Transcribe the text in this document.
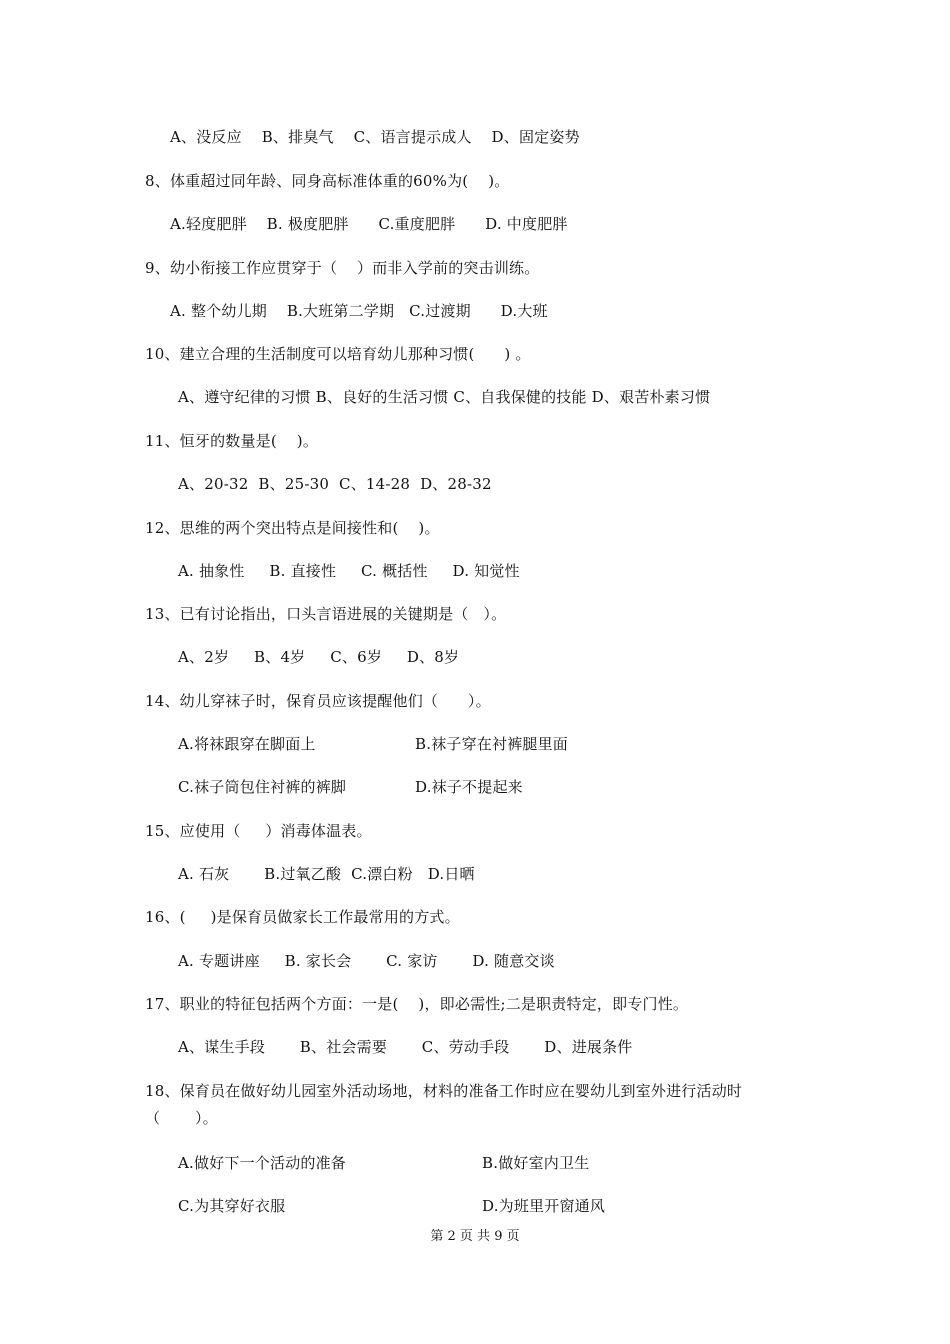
A、没反应    B、排臭气    C、语言提示成人    D、固定姿势
8、体重超过同年龄、同身高标准体重的60%为(    )。
A.轻度肥胖    B. 极度肥胖      C.重度肥胖      D. 中度肥胖
9、幼小衔接工作应贯穿于（    ）而非入学前的突击训练。
A. 整个幼儿期    B.大班第二学期   C.过渡期      D.大班
10、建立合理的生活制度可以培育幼儿那种习惯(      ) 。
A、遵守纪律的习惯 B、良好的生活习惯 C、自我保健的技能 D、艰苦朴素习惯
11、恒牙的数量是(    )。
A、20-32  B、25-30  C、14-28  D、28-32
12、思维的两个突出特点是间接性和(    )。
A. 抽象性     B. 直接性     C. 概括性     D. 知觉性
13、已有讨论指出，口头言语进展的关键期是（   ）。
A、2岁     B、4岁     C、6岁     D、8岁
14、幼儿穿袜子时，保育员应该提醒他们（      ）。
A.将袜跟穿在脚面上	B.袜子穿在衬裤腿里面
C.袜子筒包住衬裤的裤脚	D.袜子不提起来
15、应使用（     ）消毒体温表。
A. 石灰       B.过氧乙酸  C.漂白粉   D.日晒
16、(     )是保育员做家长工作最常用的方式。
A. 专题讲座     B. 家长会       C. 家访       D. 随意交谈
17、职业的特征包括两个方面：一是(    )，即必需性;二是职责特定，即专门性。
A、谋生手段       B、社会需要       C、劳动手段       D、进展条件
18、保育员在做好幼儿园室外活动场地，材料的准备工作时应在婴幼儿到室外进行活动时
（       ）。
A.做好下一个活动的准备	B.做好室内卫生
C.为其穿好衣服	D.为班里开窗通风
第 2 页 共 9 页
